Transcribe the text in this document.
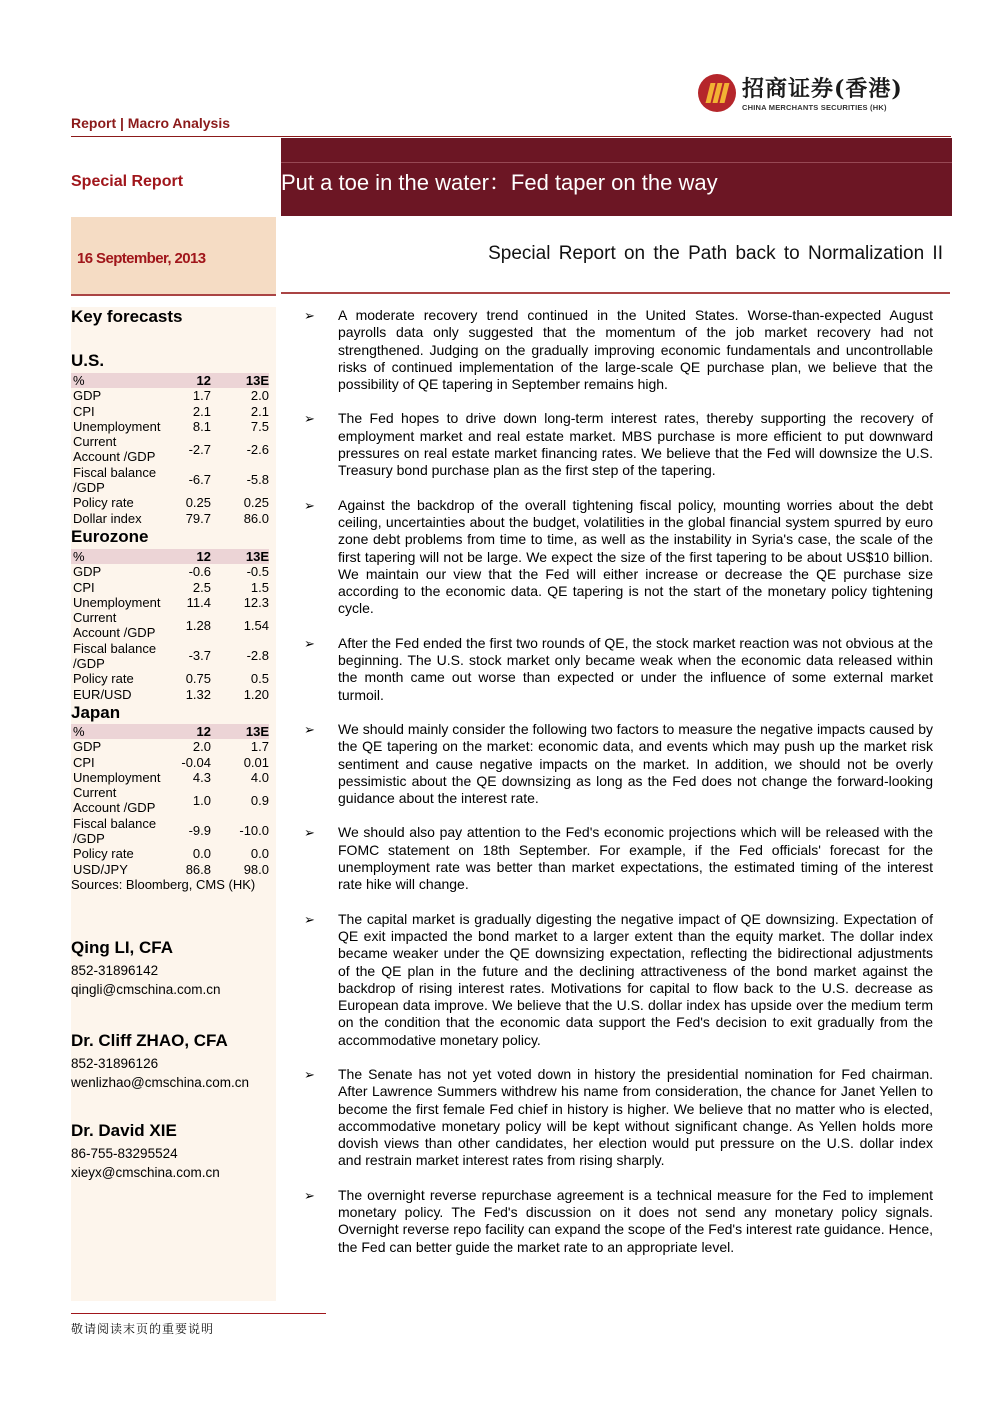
招商证券(香港)
CHINA MERCHANTS SECURITIES (HK)
Report | Macro Analysis
Special Report	Put a toe in the water：Fed taper on the way
16 September, 2013	Special Report on the Path back to Normalization II
Key forecasts
U.S.
%	12	13E
GDP	1.7	2.0
CPI	2.1	2.1
Unemployment	8.1	7.5
Current Account /GDP
-2.7	-2.6
Fiscal balance /GDP
-6.7	-5.8
Policy rate	0.25	0.25
Dollar index	79.7	86.0
Eurozone
%	12	13E
GDP	-0.6	-0.5
CPI	2.5	1.5
Unemployment	11.4	12.3
Current Account /GDP
1.28	1.54
Fiscal balance /GDP
-3.7	-2.8
Policy rate	0.75	0.5
EUR/USD	1.32	1.20
Japan
%	12	13E
GDP	2.0	1.7
CPI	-0.04	0.01
Unemployment	4.3	4.0
Current Account /GDP
1.0	0.9
Fiscal balance /GDP
-9.9	-10.0
Policy rate	0.0	0.0
USD/JPY	86.8	98.0
Sources: Bloomberg, CMS (HK)
Qing LI, CFA
852-31896142
qingli@cmschina.com.cn
Dr. Cliff ZHAO, CFA
852-31896126
wenlizhao@cmschina.com.cn
Dr. David XIE
86-755-83295524
xieyx@cmschina.com.cn
➢ A moderate recovery trend continued in the United States. Worse-than-expected August payrolls data only suggested that the momentum of the job market recovery had not strengthened. Judging on the gradually improving economic fundamentals and uncontrollable risks of continued implementation of the large-scale QE purchase plan, we believe that the possibility of QE tapering in September remains high.
➢ The Fed hopes to drive down long-term interest rates, thereby supporting the recovery of employment market and real estate market. MBS purchase is more efficient to put downward pressures on real estate market financing rates. We believe that the Fed will downsize the U.S. Treasury bond purchase plan as the first step of the tapering.
➢ Against the backdrop of the overall tightening fiscal policy, mounting worries about the debt ceiling, uncertainties about the budget, volatilities in the global financial system spurred by euro zone debt problems from time to time, as well as the instability in Syria's case, the scale of the first tapering will not be large. We expect the size of the first tapering to be about US$10 billion. We maintain our view that the Fed will either increase or decrease the QE purchase size according to the economic data. QE tapering is not the start of the monetary policy tightening cycle.
➢ After the Fed ended the first two rounds of QE, the stock market reaction was not obvious at the beginning. The U.S. stock market only became weak when the economic data released within the month came out worse than expected or under the influence of some external market turmoil.
➢ We should mainly consider the following two factors to measure the negative impacts caused by the QE tapering on the market: economic data, and events which may push up the market risk sentiment and cause negative impacts on the market. In addition, we should not be overly pessimistic about the QE downsizing as long as the Fed does not change the forward-looking guidance about the interest rate.
➢ We should also pay attention to the Fed's economic projections which will be released with the FOMC statement on 18th September. For example, if the Fed officials' forecast for the unemployment rate was better than market expectations, the estimated timing of the interest rate hike will change.
➢ The capital market is gradually digesting the negative impact of QE downsizing. Expectation of QE exit impacted the bond market to a larger extent than the equity market. The dollar index became weaker under the QE downsizing expectation, reflecting the bidirectional adjustments of the QE plan in the future and the declining attractiveness of the bond market against the backdrop of rising interest rates. Motivations for capital to flow back to the U.S. decrease as European data improve. We believe that the U.S. dollar index has upside over the medium term on the condition that the economic data support the Fed's decision to exit gradually from the accommodative monetary policy.
➢ The Senate has not yet voted down in history the presidential nomination for Fed chairman. After Lawrence Summers withdrew his name from consideration, the chance for Janet Yellen to become the first female Fed chief in history is higher. We believe that no matter who is elected, accommodative monetary policy will be kept without significant change. As Yellen holds more dovish views than other candidates, her election would put pressure on the U.S. dollar index and restrain market interest rates from rising sharply.
➢ The overnight reverse repurchase agreement is a technical measure for the Fed to implement monetary policy. The Fed's discussion on it does not send any monetary policy signals. Overnight reverse repo facility can expand the scope of the Fed's interest rate guidance. Hence, the Fed can better guide the market rate to an appropriate level.
敬请阅读末页的重要说明
